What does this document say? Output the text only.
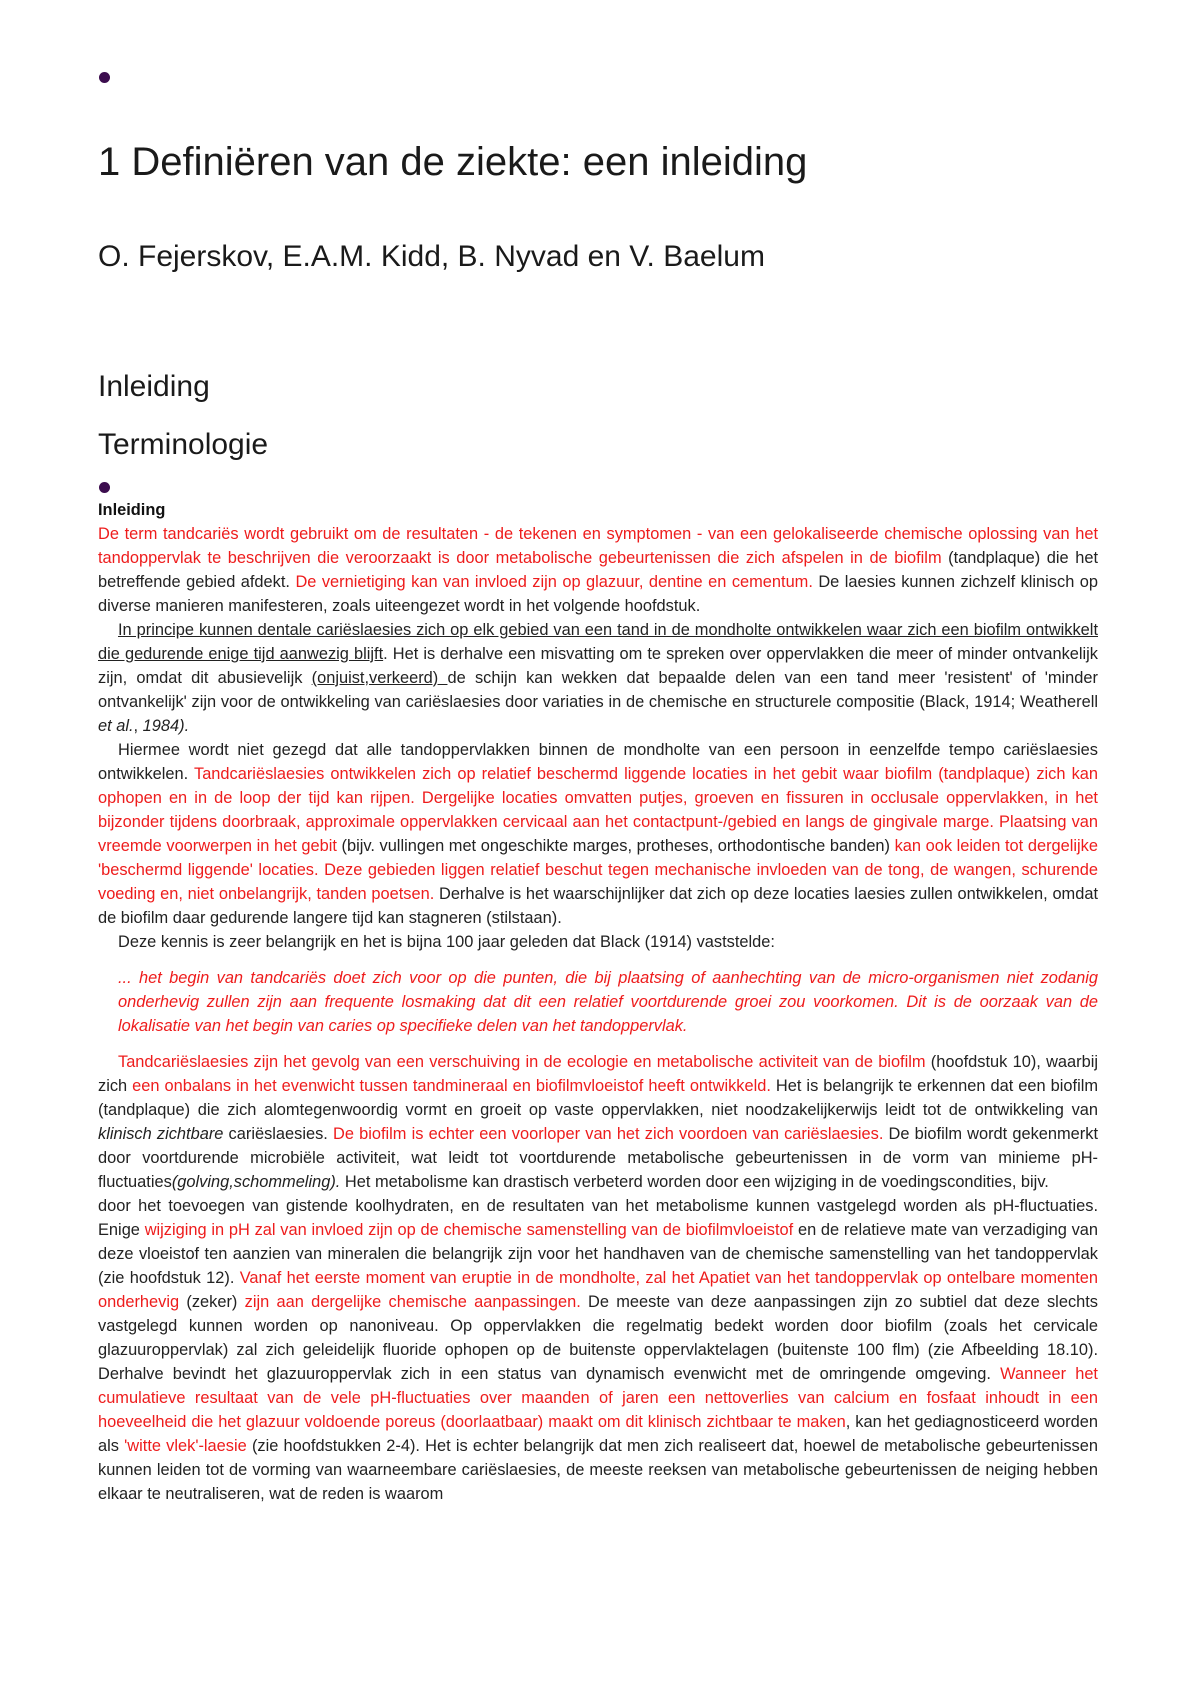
1 Definiëren van de ziekte: een inleiding
O. Fejerskov, E.A.M. Kidd, B. Nyvad en V. Baelum
Inleiding
Terminologie
Inleiding

De term tandcariës wordt gebruikt om de resultaten - de tekenen en symptomen - van een gelokaliseerde chemische oplossing van het tandoppervlak te beschrijven die veroorzaakt is door metabolische gebeurtenissen die zich afspelen in de biofilm (tandplaque) die het betreffende gebied afdekt. De vernietiging kan van invloed zijn op glazuur, dentine en cementum. De laesies kunnen zichzelf klinisch op diverse manieren manifesteren, zoals uiteengezet wordt in het volgende hoofdstuk.

In principe kunnen dentale cariëslaesies zich op elk gebied van een tand in de mondholte ontwikkelen waar zich een biofilm ontwikkelt die gedurende enige tijd aanwezig blijft. Het is derhalve een misvatting om te spreken over oppervlakken die meer of minder ontvankelijk zijn, omdat dit abusievelijk (onjuist,verkeerd) de schijn kan wekken dat bepaalde delen van een tand meer 'resistent' of 'minder ontvankelijk' zijn voor de ontwikkeling van cariëslaesies door variaties in de chemische en structurele compositie (Black, 1914; Weatherell et al., 1984).

Hiermee wordt niet gezegd dat alle tandoppervlakken binnen de mondholte van een persoon in eenzelfde tempo cariëslaesies ontwikkelen. Tandcariëslaesies ontwikkelen zich op relatief beschermd liggende locaties in het gebit waar biofilm (tandplaque) zich kan ophopen en in de loop der tijd kan rijpen. Dergelijke locaties omvatten putjes, groeven en fissuren in occlusale oppervlakken, in het bijzonder tijdens doorbraak, approximale oppervlakken cervicaal aan het contactpunt-/gebied en langs de gingivale marge. Plaatsing van vreemde voorwerpen in het gebit (bijv. vullingen met ongeschikte marges, protheses, orthodontische banden) kan ook leiden tot dergelijke 'beschermd liggende' locaties. Deze gebieden liggen relatief beschut tegen mechanische invloeden van de tong, de wangen, schurende voeding en, niet onbelangrijk, tanden poetsen. Derhalve is het waarschijnlijker dat zich op deze locaties laesies zullen ontwikkelen, omdat de biofilm daar gedurende langere tijd kan stagneren (stilstaan).

Deze kennis is zeer belangrijk en het is bijna 100 jaar geleden dat Black (1914) vaststelde:

... het begin van tandcariës doet zich voor op die punten, die bij plaatsing of aanhechting van de micro-organismen niet zodanig onderhevig zullen zijn aan frequente losmaking dat dit een relatief voortdurende groei zou voorkomen. Dit is de oorzaak van de lokalisatie van het begin van caries op specifieke delen van het tandoppervlak.

Tandcariëslaesies zijn het gevolg van een verschuiving in de ecologie en metabolische activiteit van de biofilm (hoofdstuk 10), waarbij zich een onbalans in het evenwicht tussen tandmineraal en biofilmvloeistof heeft ontwikkeld. Het is belangrijk te erkennen dat een biofilm (tandplaque) die zich alomtegenwoordig vormt en groeit op vaste oppervlakken, niet noodzakelijkerwijs leidt tot de ontwikkeling van klinisch zichtbare cariëslaesies. De biofilm is echter een voorloper van het zich voordoen van cariëslaesies. De biofilm wordt gekenmerkt door voortdurende microbiële activiteit, wat leidt tot voortdurende metabolische gebeurtenissen in de vorm van minieme pH-fluctuaties(golving,schommeling). Het metabolisme kan drastisch verbeterd worden door een wijziging in de voedingscondities, bijv.

door het toevoegen van gistende koolhydraten, en de resultaten van het metabolisme kunnen vastgelegd worden als pH-fluctuaties. Enige wijziging in pH zal van invloed zijn op de chemische samenstelling van de biofilmvloeistof en de relatieve mate van verzadiging van deze vloeistof ten aanzien van mineralen die belangrijk zijn voor het handhaven van de chemische samenstelling van het tandoppervlak (zie hoofdstuk 12). Vanaf het eerste moment van eruptie in de mondholte, zal het Apatiet van het tandoppervlak op ontelbare momenten onderhevig (zeker) zijn aan dergelijke chemische aanpassingen. De meeste van deze aanpassingen zijn zo subtiel dat deze slechts vastgelegd kunnen worden op nanoniveau. Op oppervlakken die regelmatig bedekt worden door biofilm (zoals het cervicale glazuuroppervlak) zal zich geleidelijk fluoride ophopen op de buitenste oppervlaktelagen (buitenste 100 flm) (zie Afbeelding 18.10). Derhalve bevindt het glazuuroppervlak zich in een status van dynamisch evenwicht met de omringende omgeving. Wanneer het cumulatieve resultaat van de vele pH-fluctuaties over maanden of jaren een nettoverlies van calcium en fosfaat inhoudt in een hoeveelheid die het glazuur voldoende poreus (doorlaatbaar) maakt om dit klinisch zichtbaar te maken, kan het gediagnosticeerd worden als 'witte vlek'-laesie (zie hoofdstukken 2-4). Het is echter belangrijk dat men zich realiseert dat, hoewel de metabolische gebeurtenissen kunnen leiden tot de vorming van waarneembare cariëslaesies, de meeste reeksen van metabolische gebeurtenissen de neiging hebben elkaar te neutraliseren, wat de reden is waarom
